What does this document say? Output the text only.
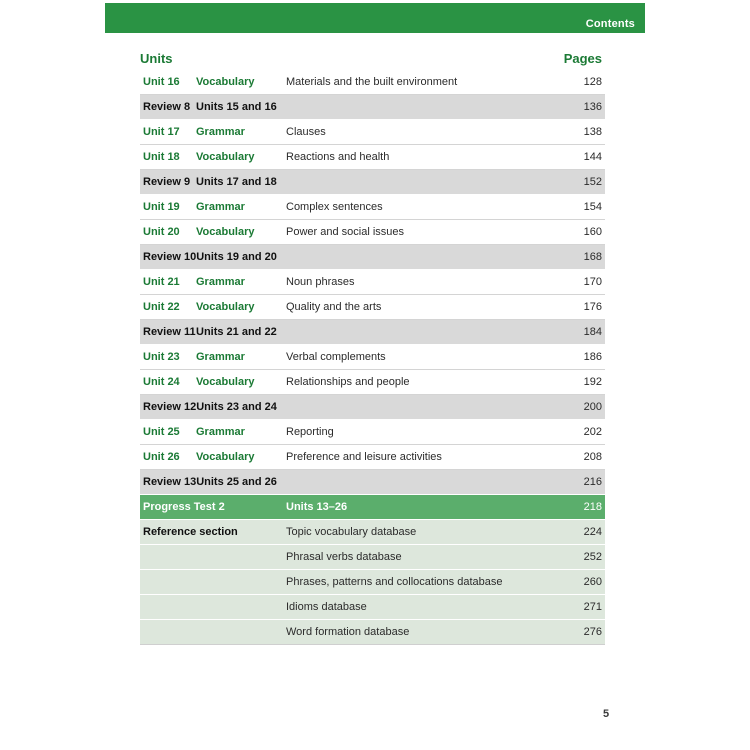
Contents
Units	Pages
Unit 16	Vocabulary	Materials and the built environment	128
Review 8 Units 15 and 16	136
Unit 17	Grammar	Clauses	138
Unit 18	Vocabulary	Reactions and health	144
Review 9 Units 17 and 18	152
Unit 19	Grammar	Complex sentences	154
Unit 20	Vocabulary	Power and social issues	160
Review 10 Units 19 and 20	168
Unit 21	Grammar	Noun phrases	170
Unit 22	Vocabulary	Quality and the arts	176
Review 11 Units 21 and 22	184
Unit 23	Grammar	Verbal complements	186
Unit 24	Vocabulary	Relationships and people	192
Review 12 Units 23 and 24	200
Unit 25	Grammar	Reporting	202
Unit 26	Vocabulary	Preference and leisure activities	208
Review 13 Units 25 and 26	216
Progress Test 2	Units 13–26	218
Reference section	Topic vocabulary database	224
Phrasal verbs database	252
Phrases, patterns and collocations database	260
Idioms database	271
Word formation database	276
5
